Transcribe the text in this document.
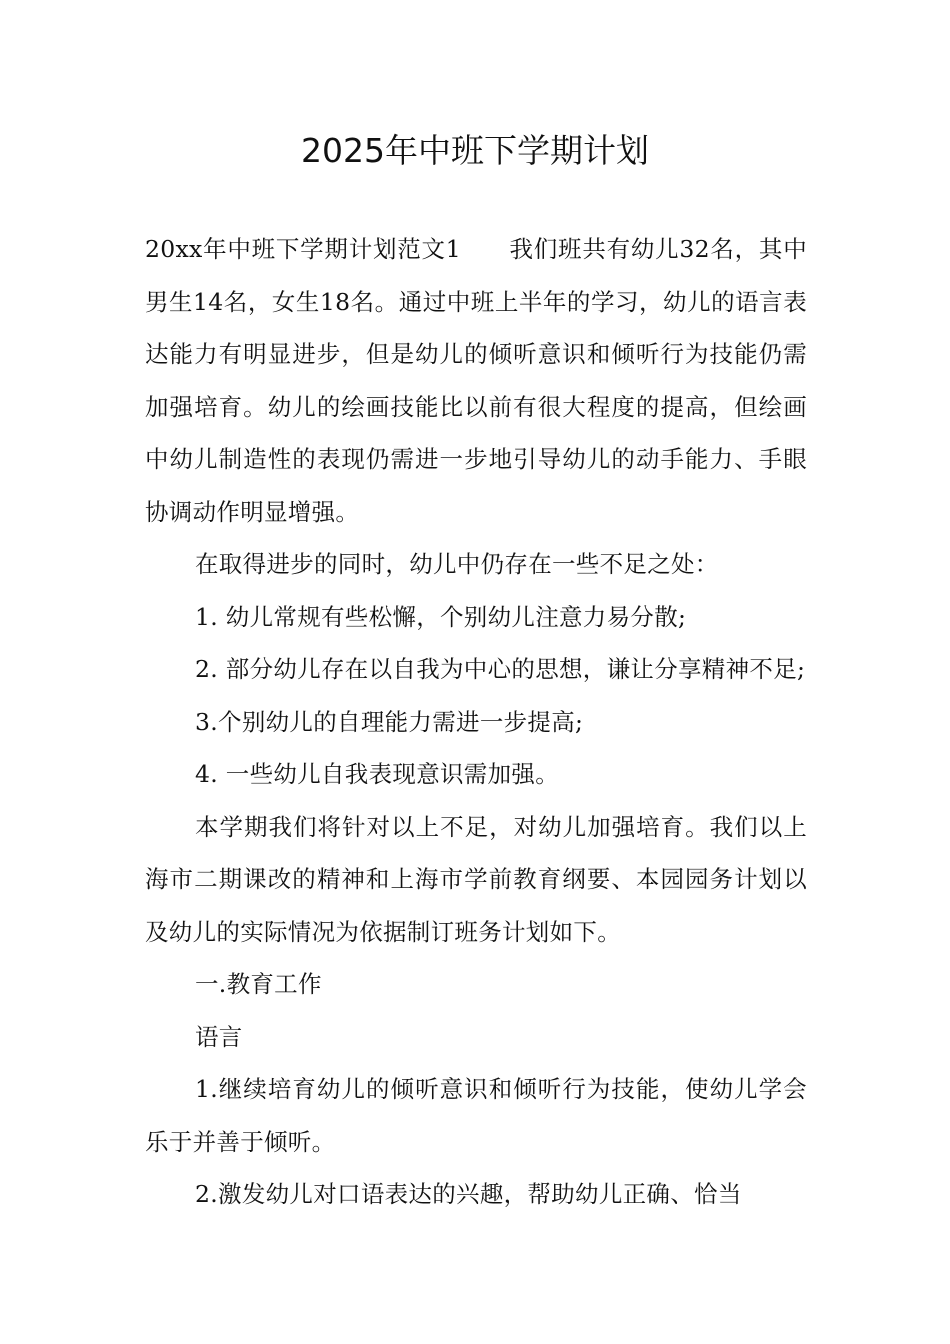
2025年中班下学期计划

20xx年中班下学期计划范文1 我们班共有幼儿32名，其中男生14名，女生18名。通过中班上半年的学习，幼儿的语言表达能力有明显进步，但是幼儿的倾听意识和倾听行为技能仍需加强培育。幼儿的绘画技能比以前有很大程度的提高，但绘画中幼儿制造性的表现仍需进一步地引导幼儿的动手能力、手眼协调动作明显增强。

在取得进步的同时，幼儿中仍存在一些不足之处：

1. 幼儿常规有些松懈，个别幼儿注意力易分散;

2. 部分幼儿存在以自我为中心的思想，谦让分享精神不足;

3.个别幼儿的自理能力需进一步提高;

4. 一些幼儿自我表现意识需加强。

本学期我们将针对以上不足，对幼儿加强培育。我们以上海市二期课改的精神和上海市学前教育纲要、本园园务计划以及幼儿的实际情况为依据制订班务计划如下。

一.教育工作

语言

1.继续培育幼儿的倾听意识和倾听行为技能，使幼儿学会乐于并善于倾听。

2.激发幼儿对口语表达的兴趣，帮助幼儿正确、恰当
